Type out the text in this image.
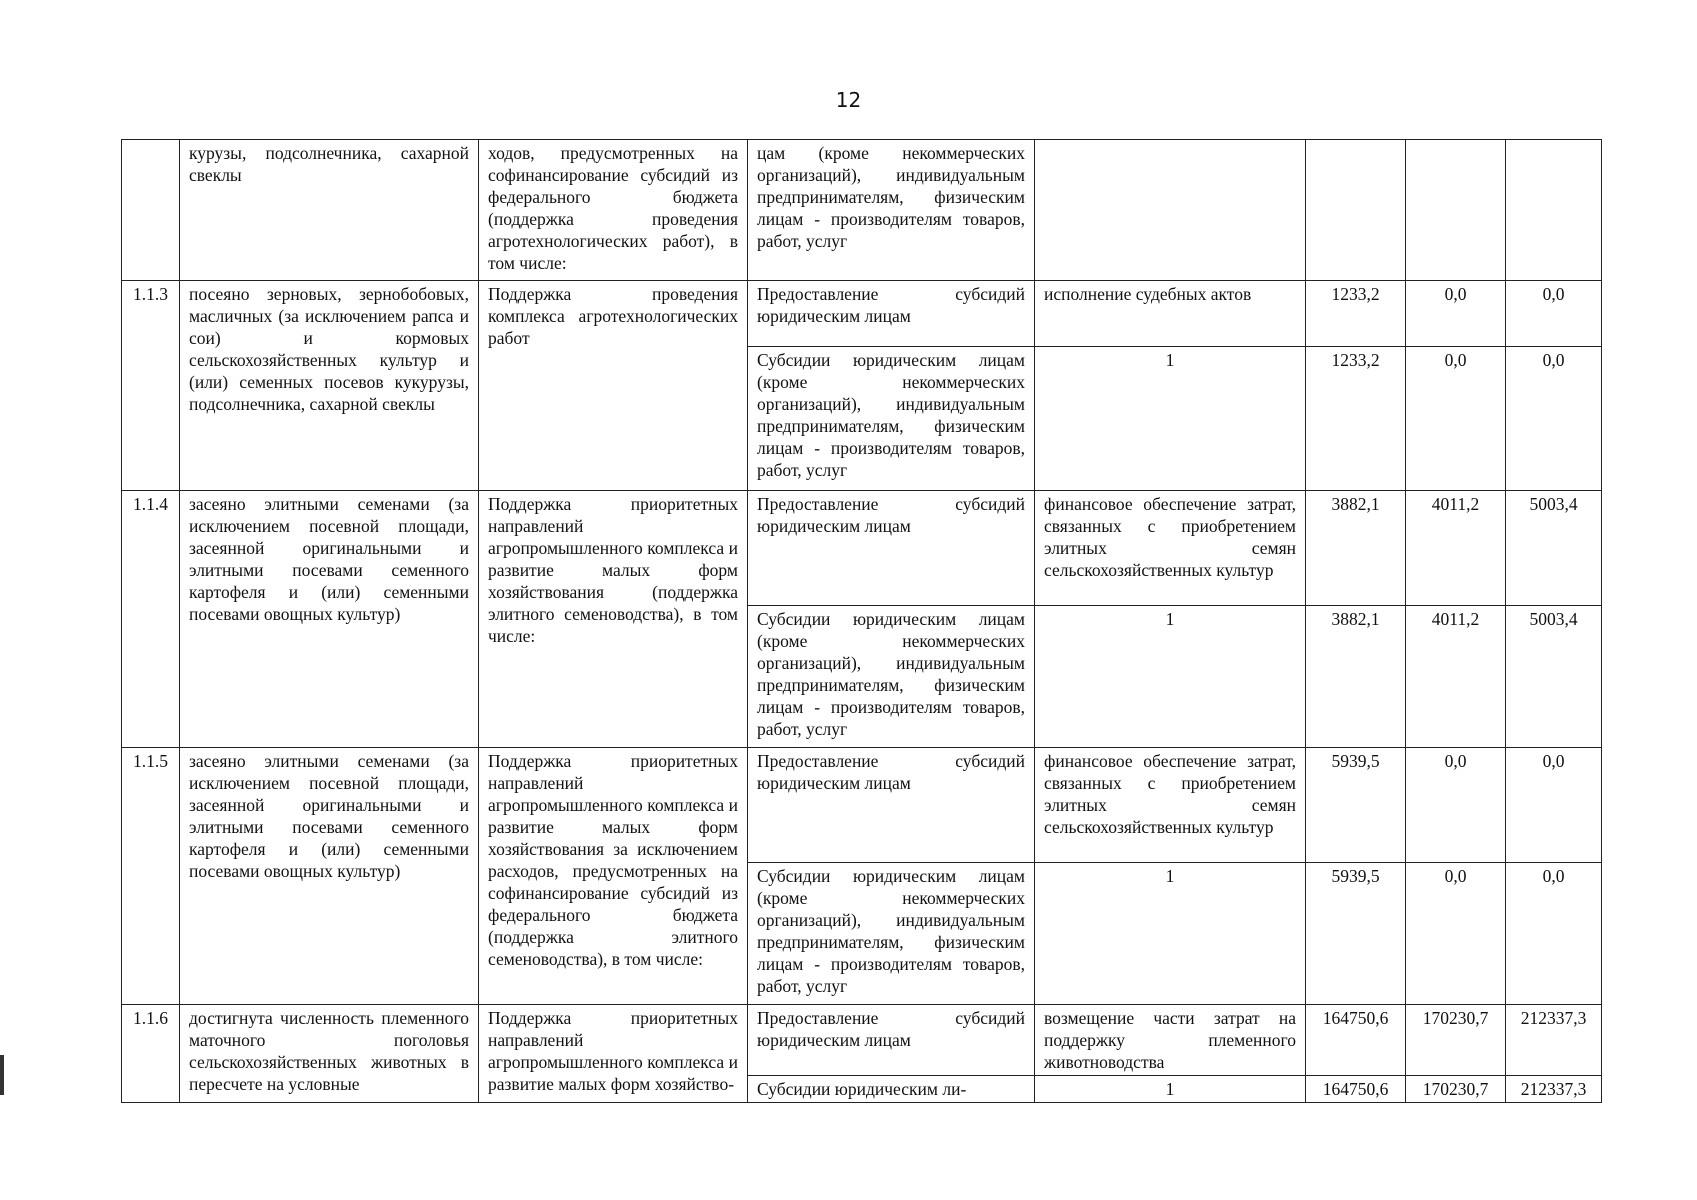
12
	курузы, подсолнечника, сахарной свеклы	ходов, предусмотренных на софинансирование субсидий из федерального бюджета (поддержка проведения агротехнологических работ), в том числе:	цам (кроме некоммерческих организаций), индивидуальным предпринимателям, физическим лицам - производителям товаров, работ, услуг				
1.1.3	посеяно зерновых, зернобобовых, масличных (за исключением рапса и сои) и кормовых сельскохозяйственных культур и (или) семенных посевов кукурузы, подсолнечника, сахарной свеклы	Поддержка проведения комплекса агротехнологических работ	Предоставление субсидий юридическим лицам	исполнение судебных актов	1233,2	0,0	0,0
			Субсидии юридическим лицам (кроме некоммерческих организаций), индивидуальным предпринимателям, физическим лицам - производителям товаров, работ, услуг	1	1233,2	0,0	0,0
1.1.4	засеяно элитными семенами (за исключением посевной площади, засеянной оригинальными и элитными посевами семенного картофеля и (или) семенными посевами овощных культур)	Поддержка приоритетных направлений агропромышленного комплекса и развитие малых форм хозяйствования (поддержка элитного семеноводства), в том числе:	Предоставление субсидий юридическим лицам	финансовое обеспечение затрат, связанных с приобретением элитных семян сельскохозяйственных культур	3882,1	4011,2	5003,4
			Субсидии юридическим лицам (кроме некоммерческих организаций), индивидуальным предпринимателям, физическим лицам - производителям товаров, работ, услуг	1	3882,1	4011,2	5003,4
1.1.5	засеяно элитными семенами (за исключением посевной площади, засеянной оригинальными и элитными посевами семенного картофеля и (или) семенными посевами овощных культур)	Поддержка приоритетных направлений агропромышленного комплекса и развитие малых форм хозяйствования за исключением расходов, предусмотренных на софинансирование субсидий из федерального бюджета (поддержка элитного семеноводства), в том числе:	Предоставление субсидий юридическим лицам	финансовое обеспечение затрат, связанных с приобретением элитных семян сельскохозяйственных культур	5939,5	0,0	0,0
			Субсидии юридическим лицам (кроме некоммерческих организаций), индивидуальным предпринимателям, физическим лицам - производителям товаров, работ, услуг	1	5939,5	0,0	0,0
1.1.6	достигнута численность племенного маточного поголовья сельскохозяйственных животных в пересчете на условные	Поддержка приоритетных направлений агропромышленного комплекса и развитие малых форм хозяйство-	Предоставление субсидий юридическим лицам	возмещение части затрат на поддержку племенного животноводства	164750,6	170230,7	212337,3
			Субсидии юридическим ли-	1	164750,6	170230,7	212337,3
